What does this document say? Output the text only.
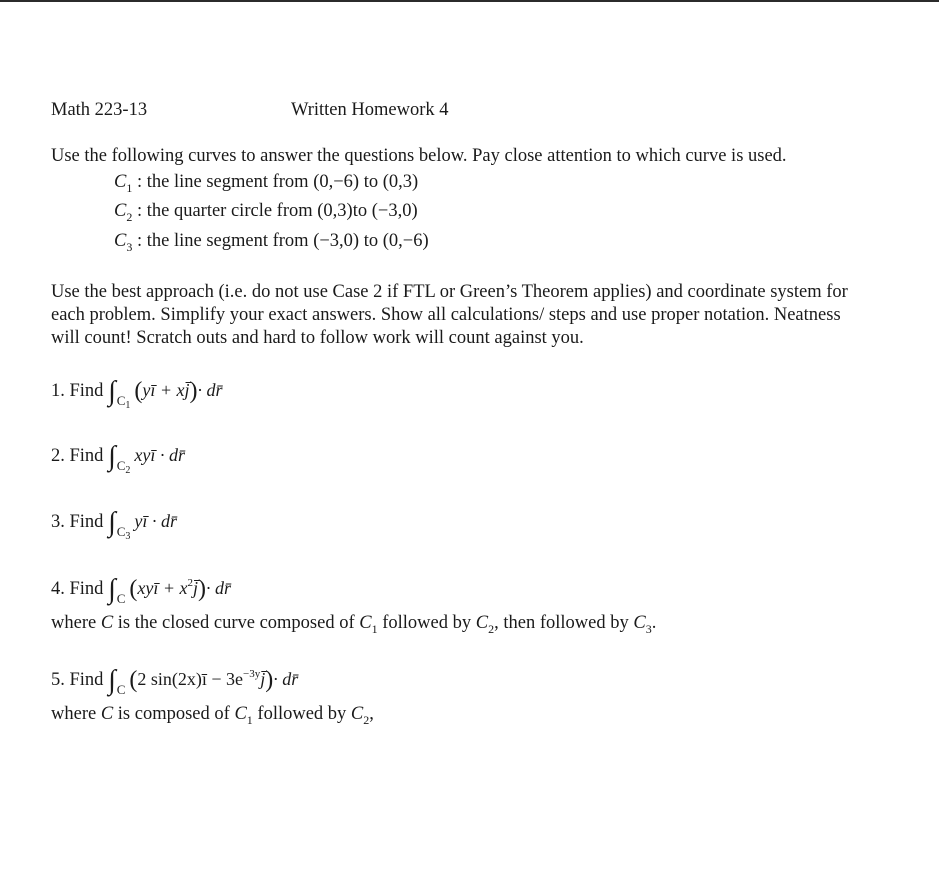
Math 223-13	Written Homework 4
Use the following curves to answer the questions below. Pay close attention to which curve is used.
$C_1$ : the line segment from (0,−6) to (0,3)
$C_2$ : the quarter circle from (0,3)to (−3,0)
$C_3$ : the line segment from (−3,0) to (0,−6)
Use the best approach (i.e. do not use Case 2 if FTL or Green’s Theorem applies) and coordinate system for each problem. Simplify your exact answers. Show all calculations/ steps and use proper notation. Neatness will count! Scratch outs and hard to follow work will count against you.
1. Find $\int_{C_1}(yī$ + xj̄)· dr̄
2. Find $\int_{C_2}xyī$ · dr̄
3. Find $\int_{C_3}yī$ · dr̄
4. Find $\int_C$ (xyī + $x^2j̄)\cdot$ dr̄
where C is the closed curve composed of $C_1$ followed by $C_2$, then followed by $C_3$.
5. Find $\int_C$ (2 sin(2x)ī − $3e^{-3y}j̄)\cdot$ dr̄
where C is composed of $C_1$ followed by $C_2$,
